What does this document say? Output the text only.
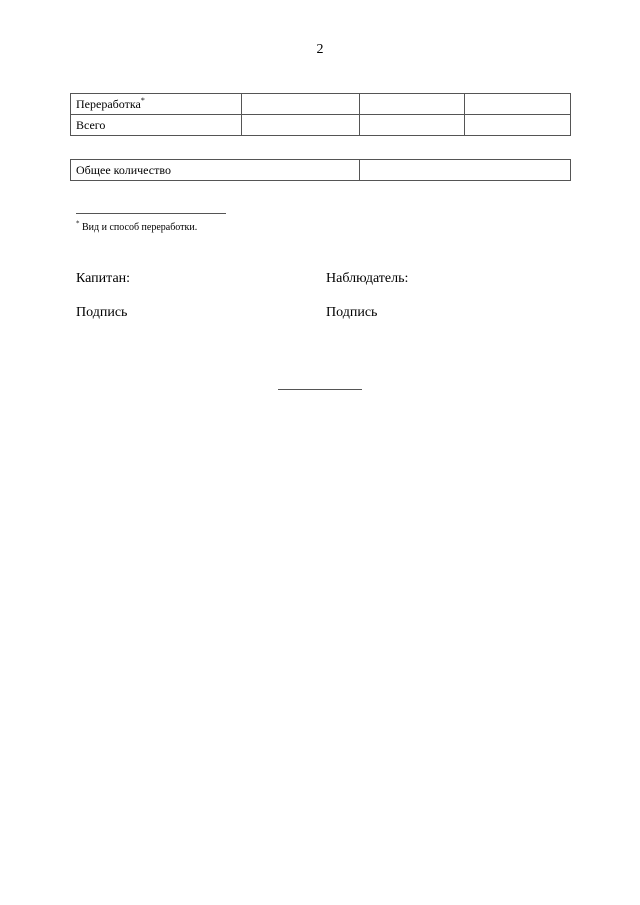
2
Переработка*			
Всего			
Общее количество	
* Вид и способ переработки.
Капитан:
Подпись
Наблюдатель:
Подпись
